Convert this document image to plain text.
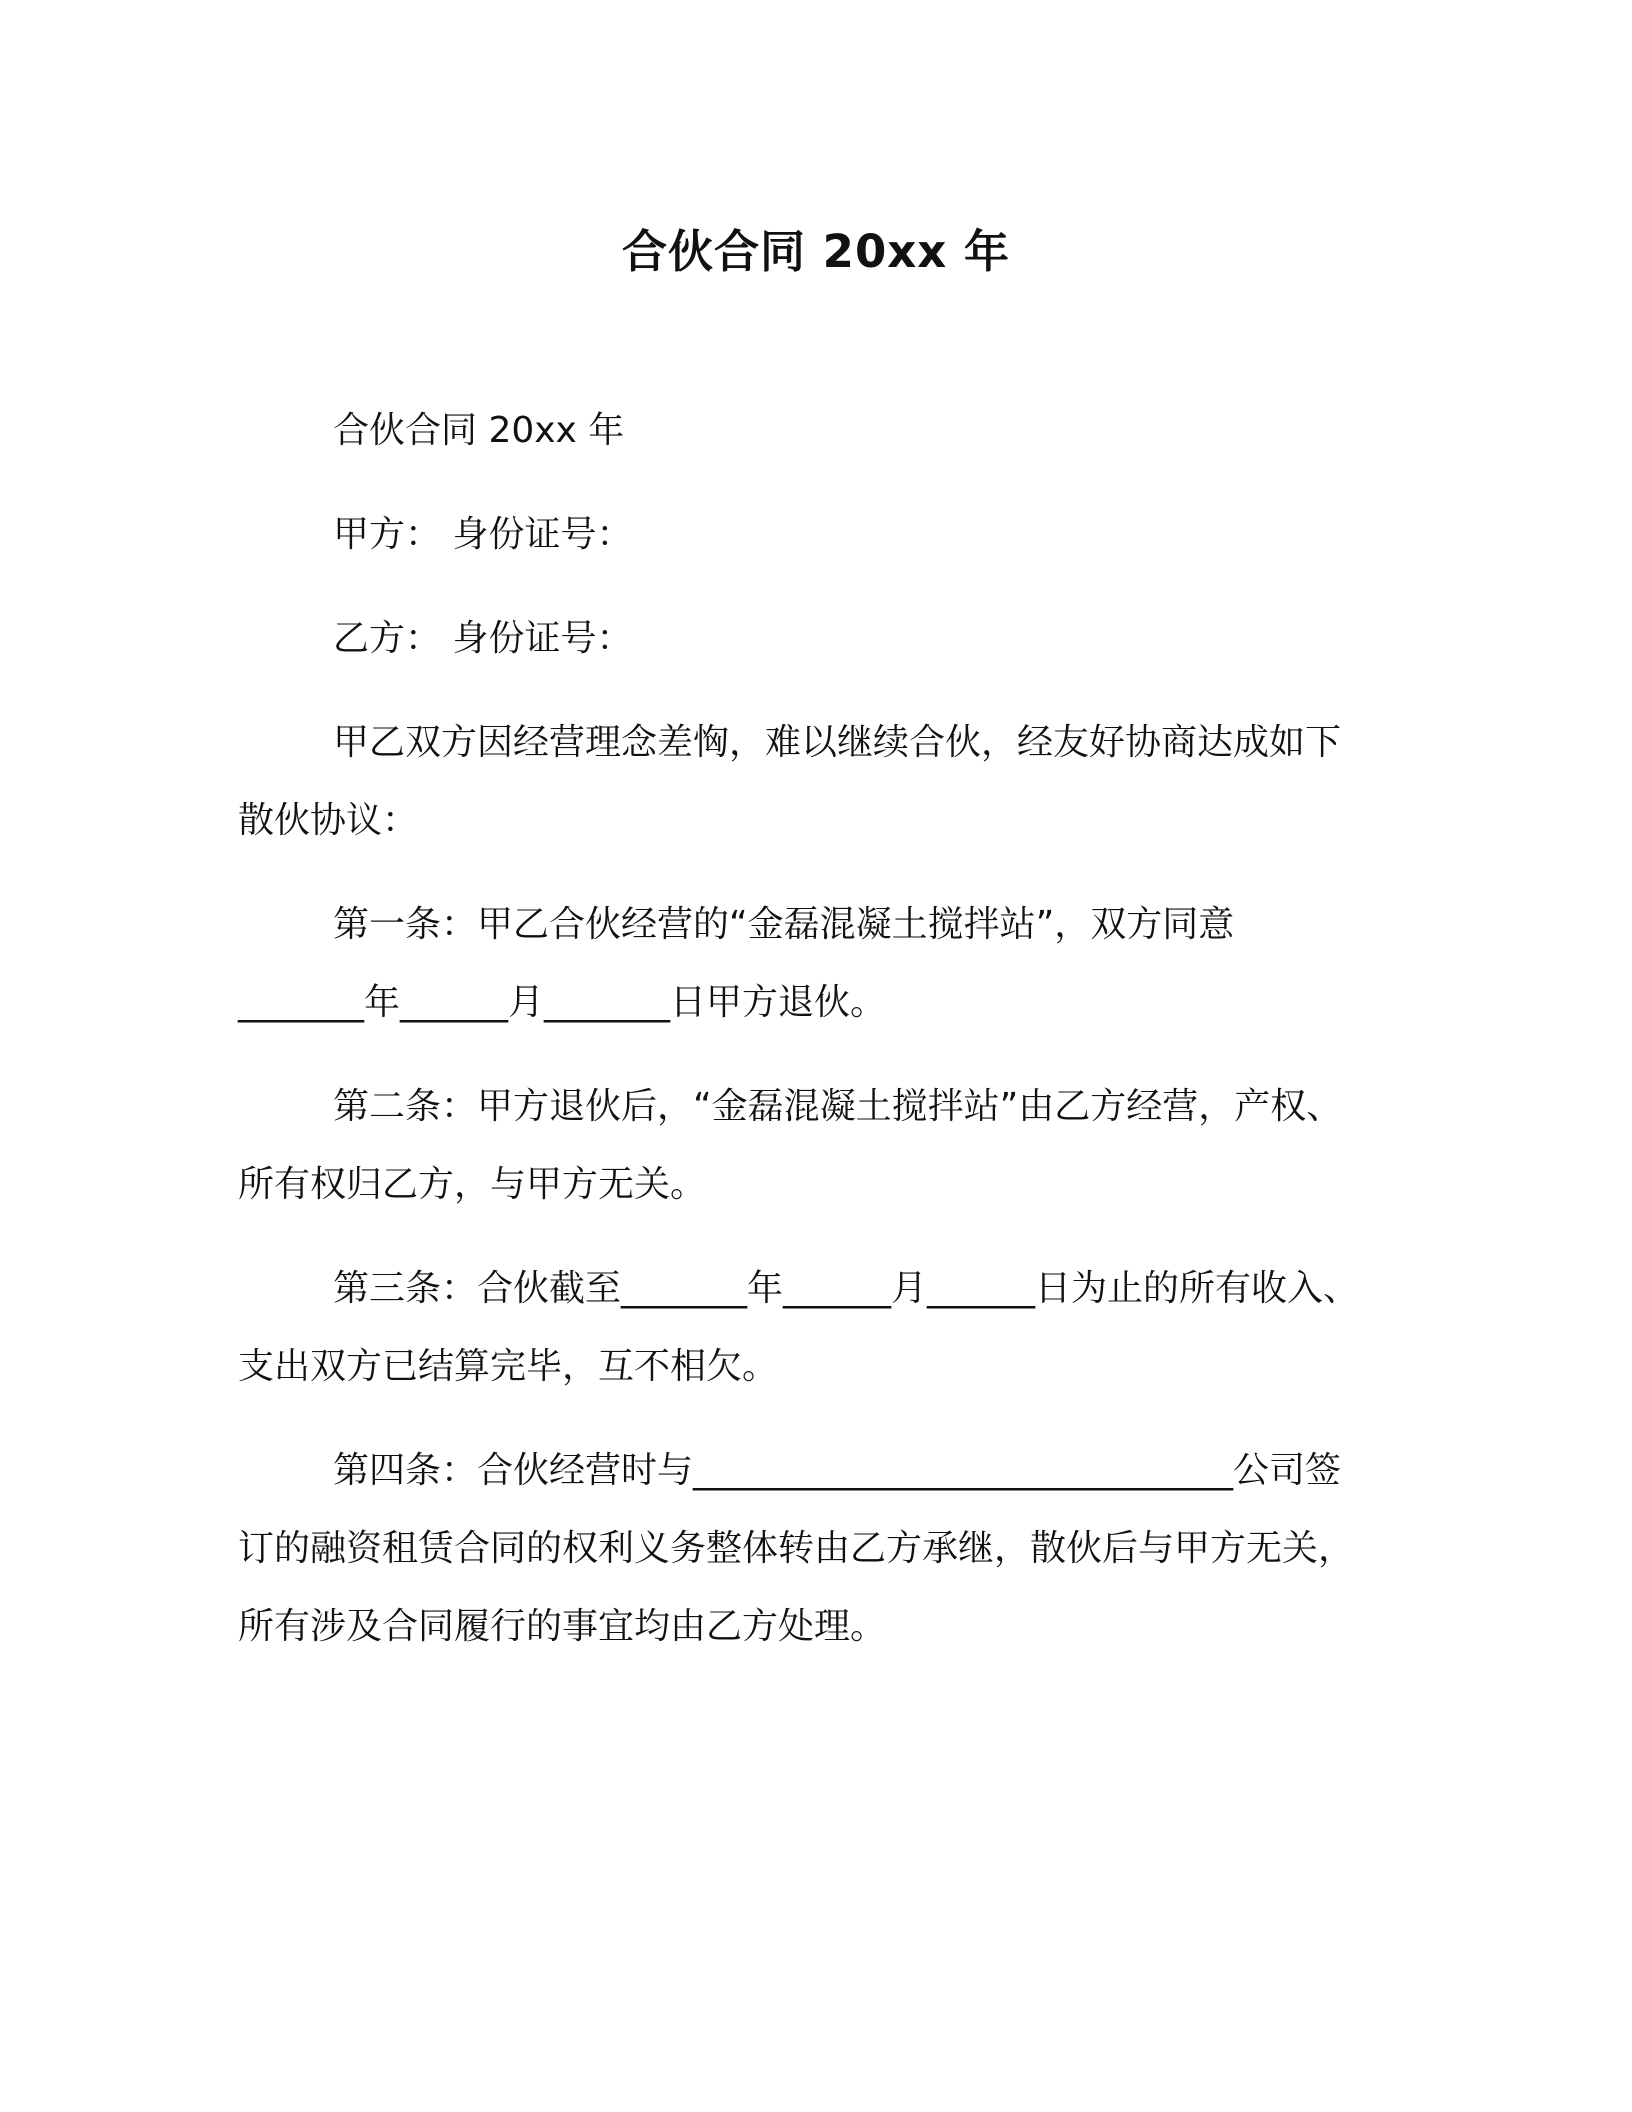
合伙合同 20xx 年
合伙合同 20xx 年
甲方： 身份证号：
乙方： 身份证号：
甲乙双方因经营理念差恟，难以继续合伙，经友好协商达成如下
散伙协议：
第一条：甲乙合伙经营的“金磊混凝土搅拌站”，双方同意
_______年______月_______日甲方退伙。
第二条：甲方退伙后，“金磊混凝土搅拌站”由乙方经营，产权、
所有权归乙方，与甲方无关。
第三条：合伙截至_______年______月______日为止的所有收入、
支出双方已结算完毕，互不相欠。
第四条：合伙经营时与______________________________公司签
订的融资租赁合同的权利义务整体转由乙方承继，散伙后与甲方无关，
所有涉及合同履行的事宜均由乙方处理。
